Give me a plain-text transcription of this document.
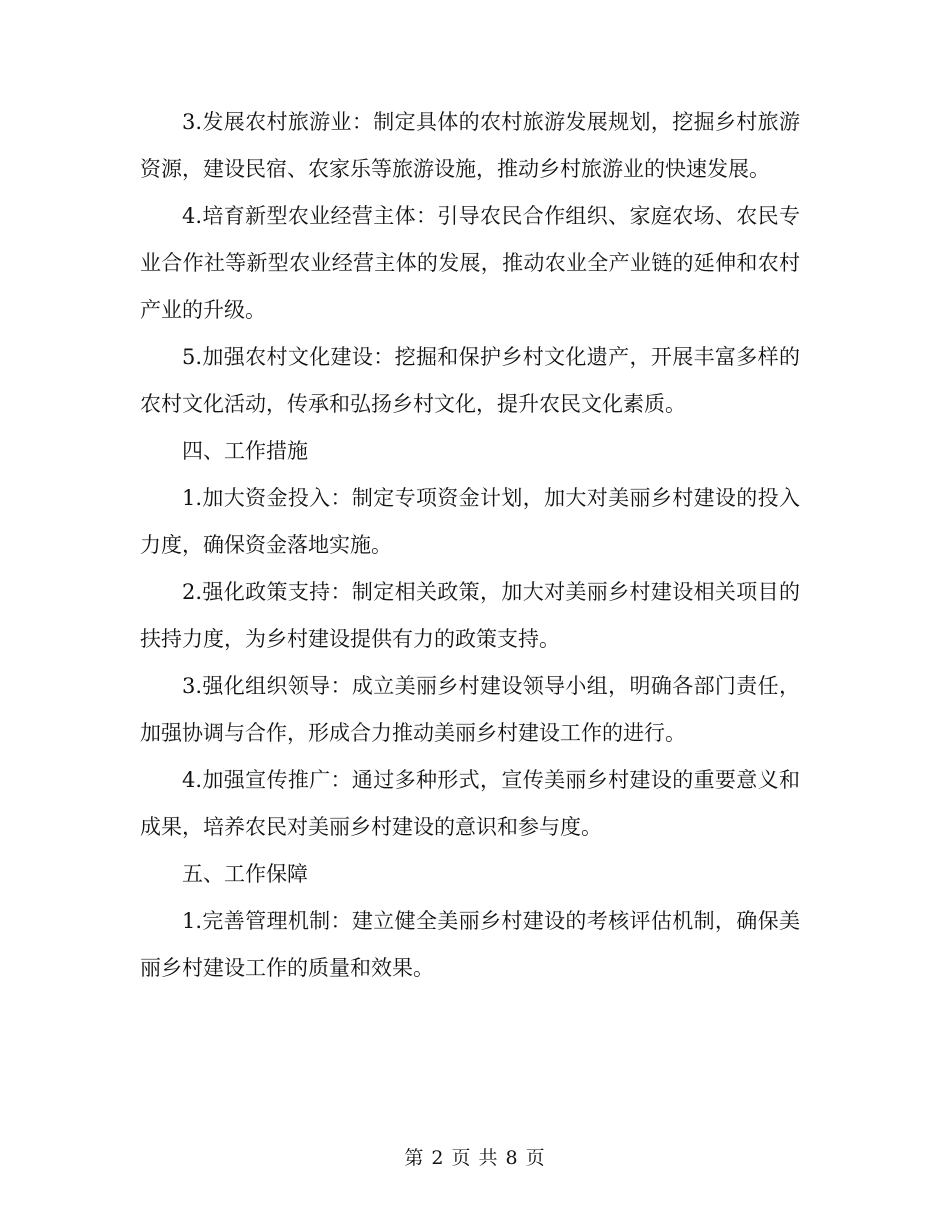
3.发展农村旅游业：制定具体的农村旅游发展规划，挖掘乡村旅游资源，建设民宿、农家乐等旅游设施，推动乡村旅游业的快速发展。

4.培育新型农业经营主体：引导农民合作组织、家庭农场、农民专业合作社等新型农业经营主体的发展，推动农业全产业链的延伸和农村产业的升级。

5.加强农村文化建设：挖掘和保护乡村文化遗产，开展丰富多样的农村文化活动，传承和弘扬乡村文化，提升农民文化素质。

四、工作措施

1.加大资金投入：制定专项资金计划，加大对美丽乡村建设的投入力度，确保资金落地实施。

2.强化政策支持：制定相关政策，加大对美丽乡村建设相关项目的扶持力度，为乡村建设提供有力的政策支持。

3.强化组织领导：成立美丽乡村建设领导小组，明确各部门责任，加强协调与合作，形成合力推动美丽乡村建设工作的进行。

4.加强宣传推广：通过多种形式，宣传美丽乡村建设的重要意义和成果，培养农民对美丽乡村建设的意识和参与度。

五、工作保障

1.完善管理机制：建立健全美丽乡村建设的考核评估机制，确保美丽乡村建设工作的质量和效果。

第 2 页 共 8 页
